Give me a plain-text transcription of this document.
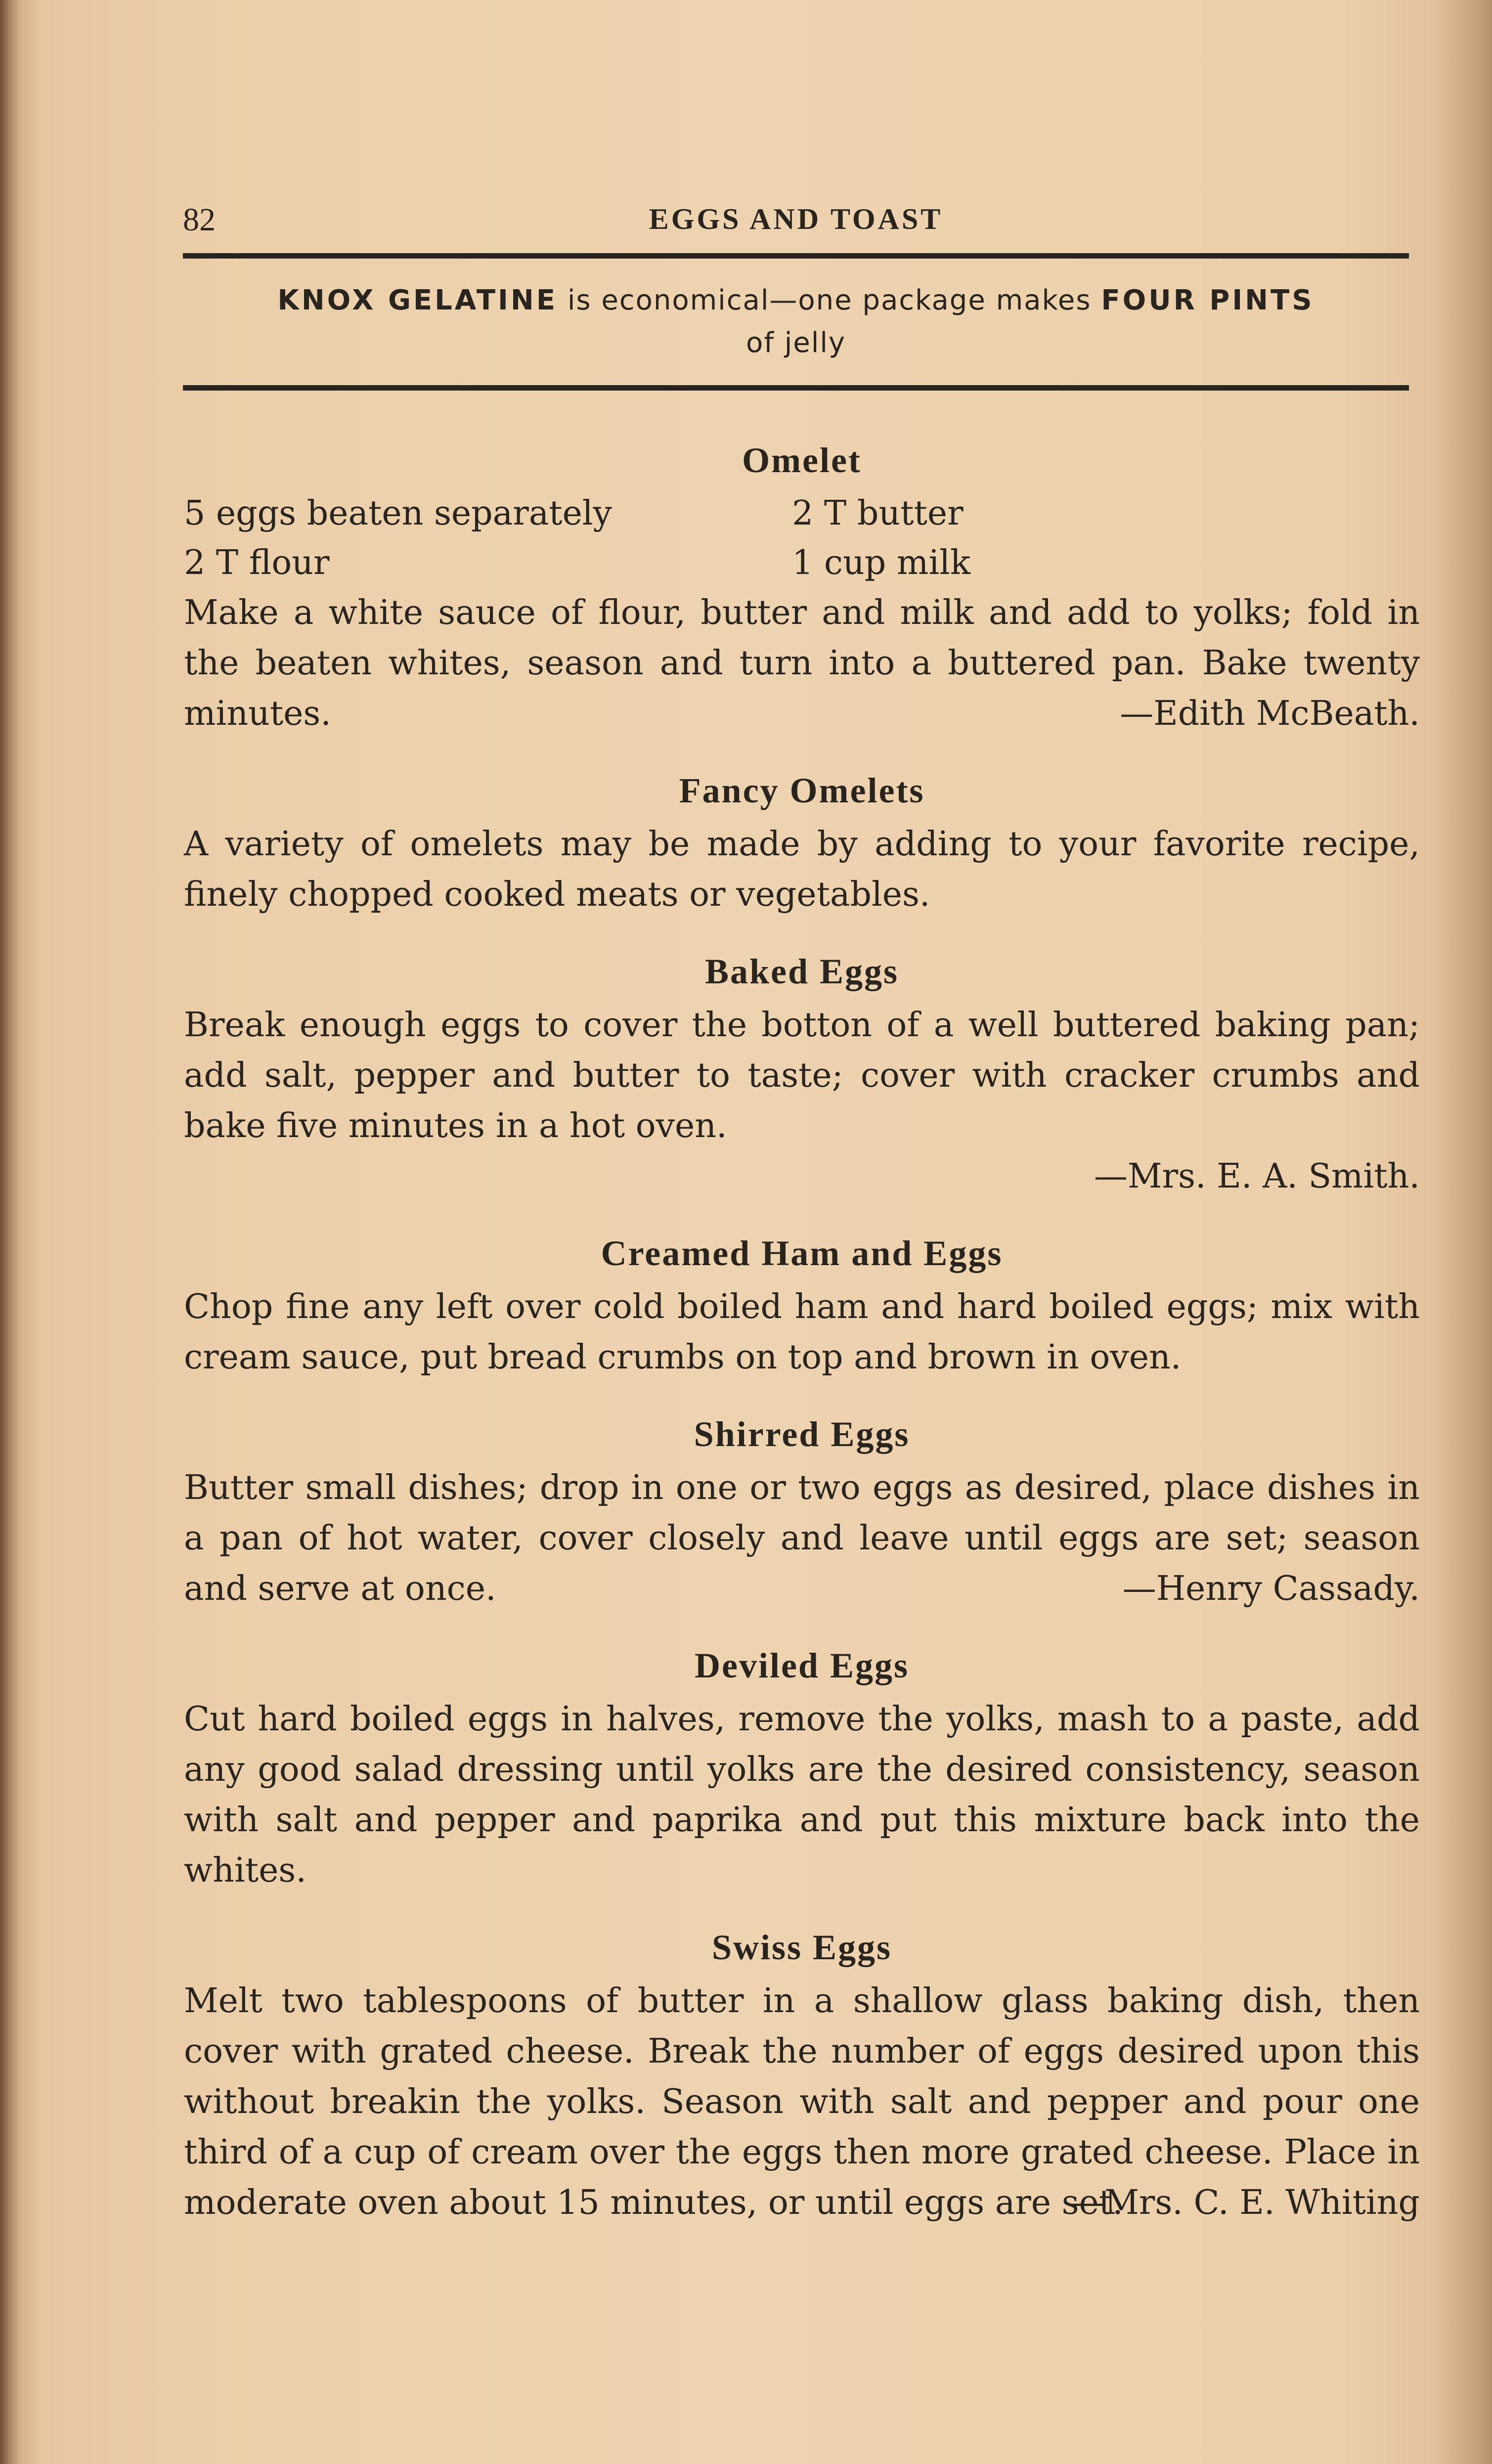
82	EGGS AND TOAST
KNOX GELATINE is economical—one package makes FOUR PINTS
of jelly
Omelet
5 eggs beaten separately	2 T butter
2 T flour	1 cup milk

Make a white sauce of flour, butter and milk and add to yolks; fold in the beaten whites, season and turn into a buttered pan. Bake twenty minutes.	—Edith McBeath.

Fancy Omelets

A variety of omelets may be made by adding to your favorite recipe, finely chopped cooked meats or vegetables.

Baked Eggs

Break enough eggs to cover the botton of a well buttered baking pan; add salt, pepper and butter to taste; cover with cracker crumbs and bake five minutes in a hot oven.

—Mrs. E. A. Smith.

Creamed Ham and Eggs

Chop fine any left over cold boiled ham and hard boiled eggs; mix with cream sauce, put bread crumbs on top and brown in oven.

Shirred Eggs

Butter small dishes; drop in one or two eggs as desired, place dishes in a pan of hot water, cover closely and leave until eggs are set; season and serve at once.	—Henry Cassady.

Deviled Eggs

Cut hard boiled eggs in halves, remove the yolks, mash to a paste, add any good salad dressing until yolks are the desired consistency, season with salt and pepper and paprika and put this mixture back into the whites.

Swiss Eggs

Melt two tablespoons of butter in a shallow glass baking dish, then cover with grated cheese. Break the number of eggs desired upon this without breakin the yolks. Season with salt and pepper and pour one third of a cup of cream over the eggs then more grated cheese. Place in moderate oven about 15 minutes, or until eggs are set.

—Mrs. C. E. Whiting
